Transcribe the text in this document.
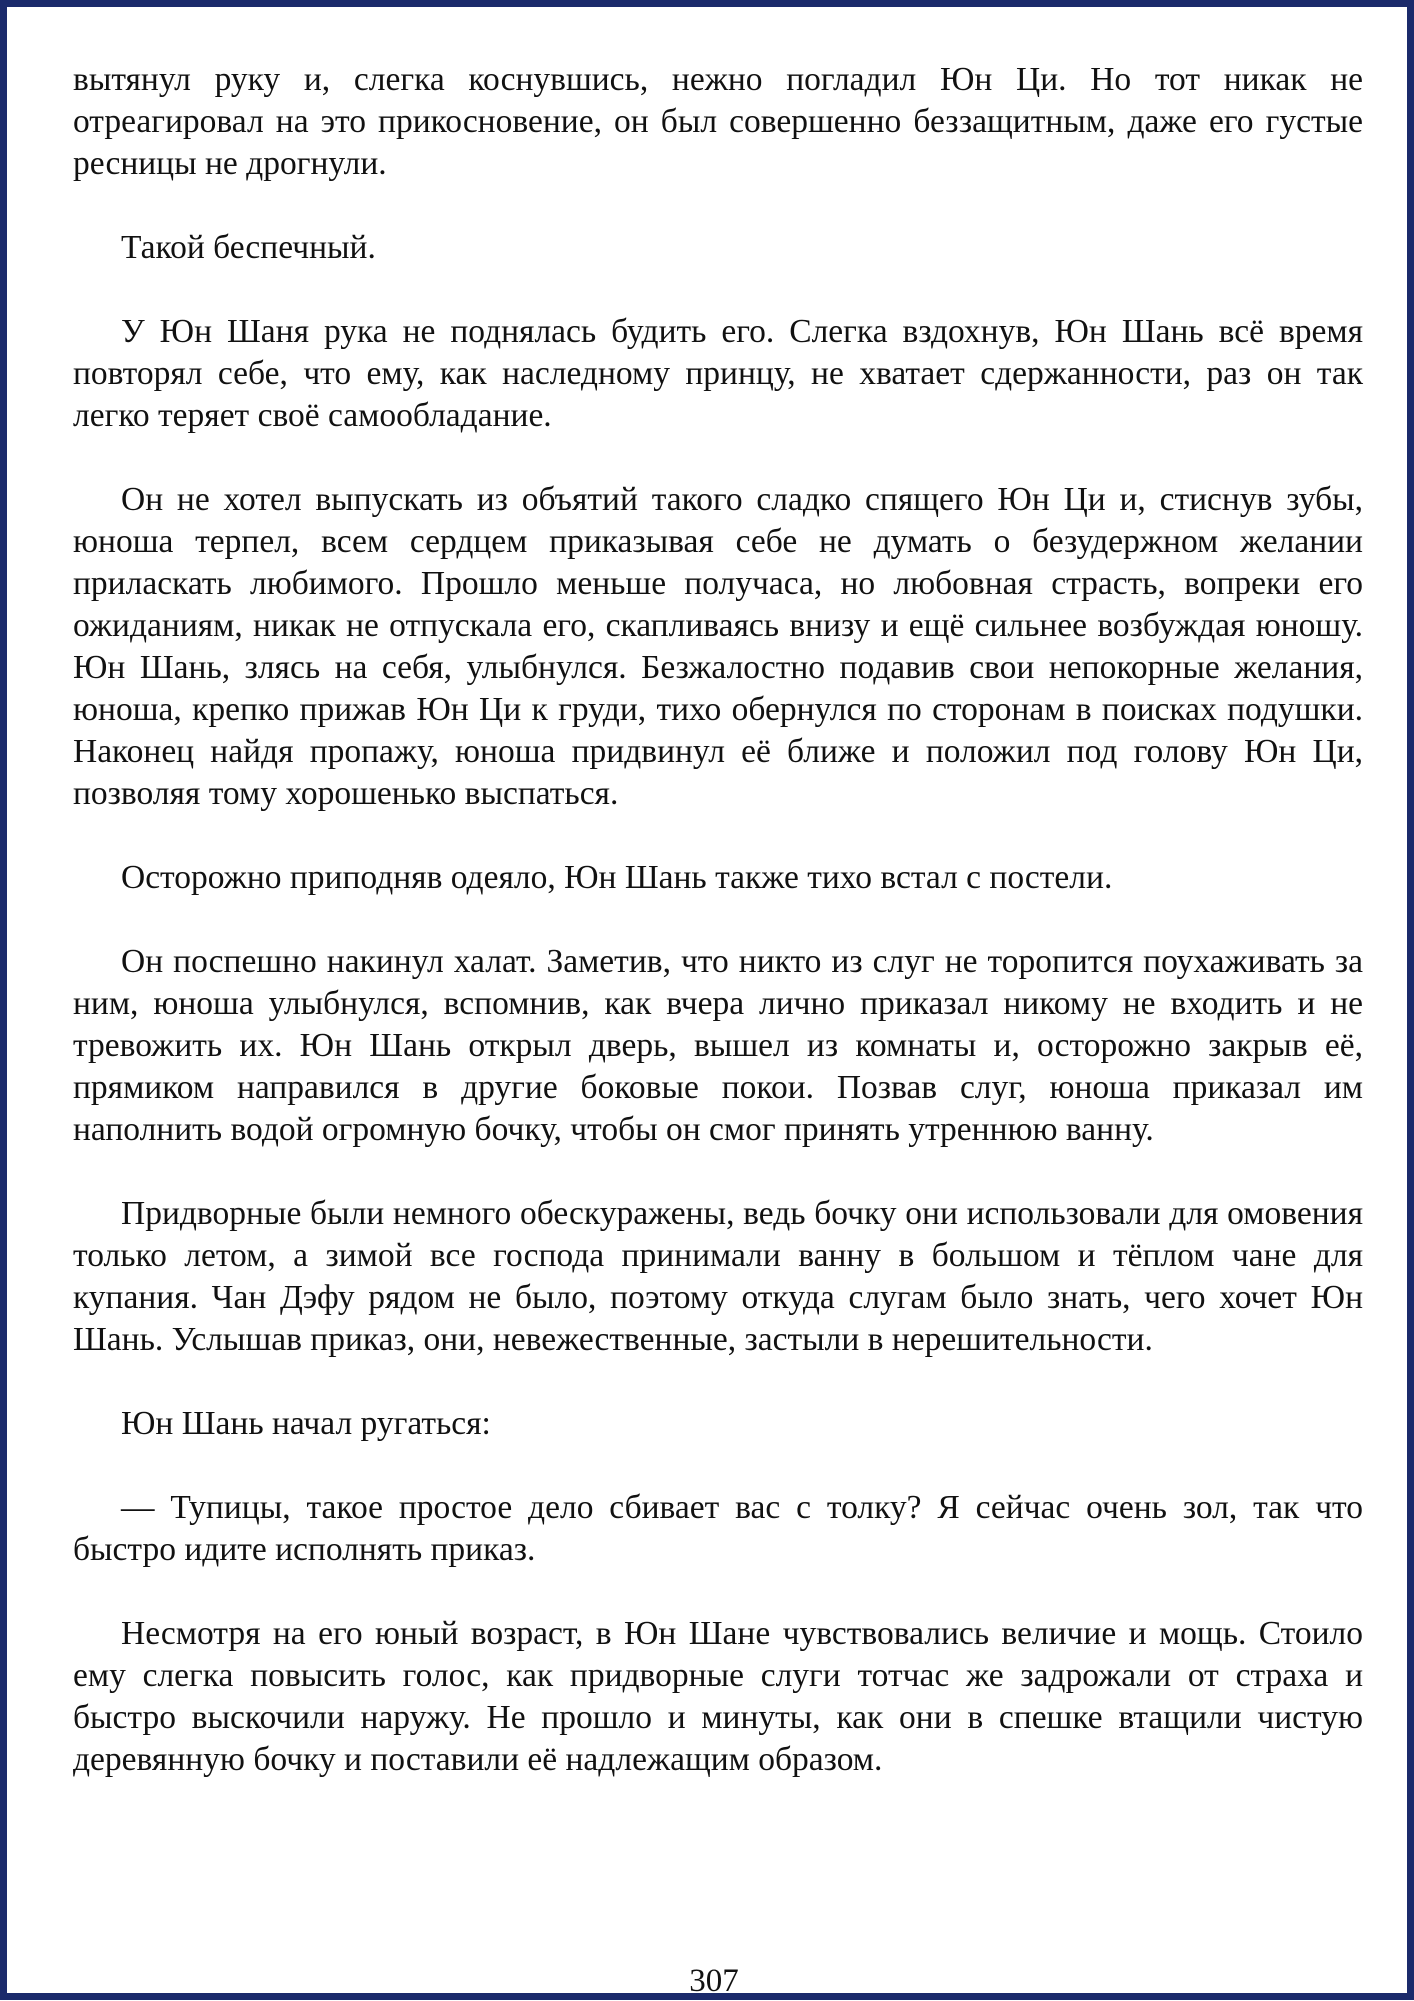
вытянул руку и, слегка коснувшись, нежно погладил Юн Ци. Но тот никак не отреагировал на это прикосновение, он был совершенно беззащитным, даже его густые ресницы не дрогнули.

Такой беспечный.

У Юн Шаня рука не поднялась будить его. Слегка вздохнув, Юн Шань всё время повторял себе, что ему, как наследному принцу, не хватает сдержанности, раз он так легко теряет своё самообладание.

Он не хотел выпускать из объятий такого сладко спящего Юн Ци и, стиснув зубы, юноша терпел, всем сердцем приказывая себе не думать о безудержном желании приласкать любимого. Прошло меньше получаса, но любовная страсть, вопреки его ожиданиям, никак не отпускала его, скапливаясь внизу и ещё сильнее возбуждая юношу. Юн Шань, злясь на себя, улыбнулся. Безжалостно подавив свои непокорные желания, юноша, крепко прижав Юн Ци к груди, тихо обернулся по сторонам в поисках подушки. Наконец найдя пропажу, юноша придвинул её ближе и положил под голову Юн Ци, позволяя тому хорошенько выспаться.

Осторожно приподняв одеяло, Юн Шань также тихо встал с постели.

Он поспешно накинул халат. Заметив, что никто из слуг не торопится поухаживать за ним, юноша улыбнулся, вспомнив, как вчера лично приказал никому не входить и не тревожить их. Юн Шань открыл дверь, вышел из комнаты и, осторожно закрыв её, прямиком направился в другие боковые покои. Позвав слуг, юноша приказал им наполнить водой огромную бочку, чтобы он смог принять утреннюю ванну.

Придворные были немного обескуражены, ведь бочку они использовали для омовения только летом, а зимой все господа принимали ванну в большом и тёплом чане для купания. Чан Дэфу рядом не было, поэтому откуда слугам было знать, чего хочет Юн Шань. Услышав приказ, они, невежественные, застыли в нерешительности.

Юн Шань начал ругаться:

— Тупицы, такое простое дело сбивает вас с толку? Я сейчас очень зол, так что быстро идите исполнять приказ.

Несмотря на его юный возраст, в Юн Шане чувствовались величие и мощь. Стоило ему слегка повысить голос, как придворные слуги тотчас же задрожали от страха и быстро выскочили наружу. Не прошло и минуты, как они в спешке втащили чистую деревянную бочку и поставили её надлежащим образом.

307
